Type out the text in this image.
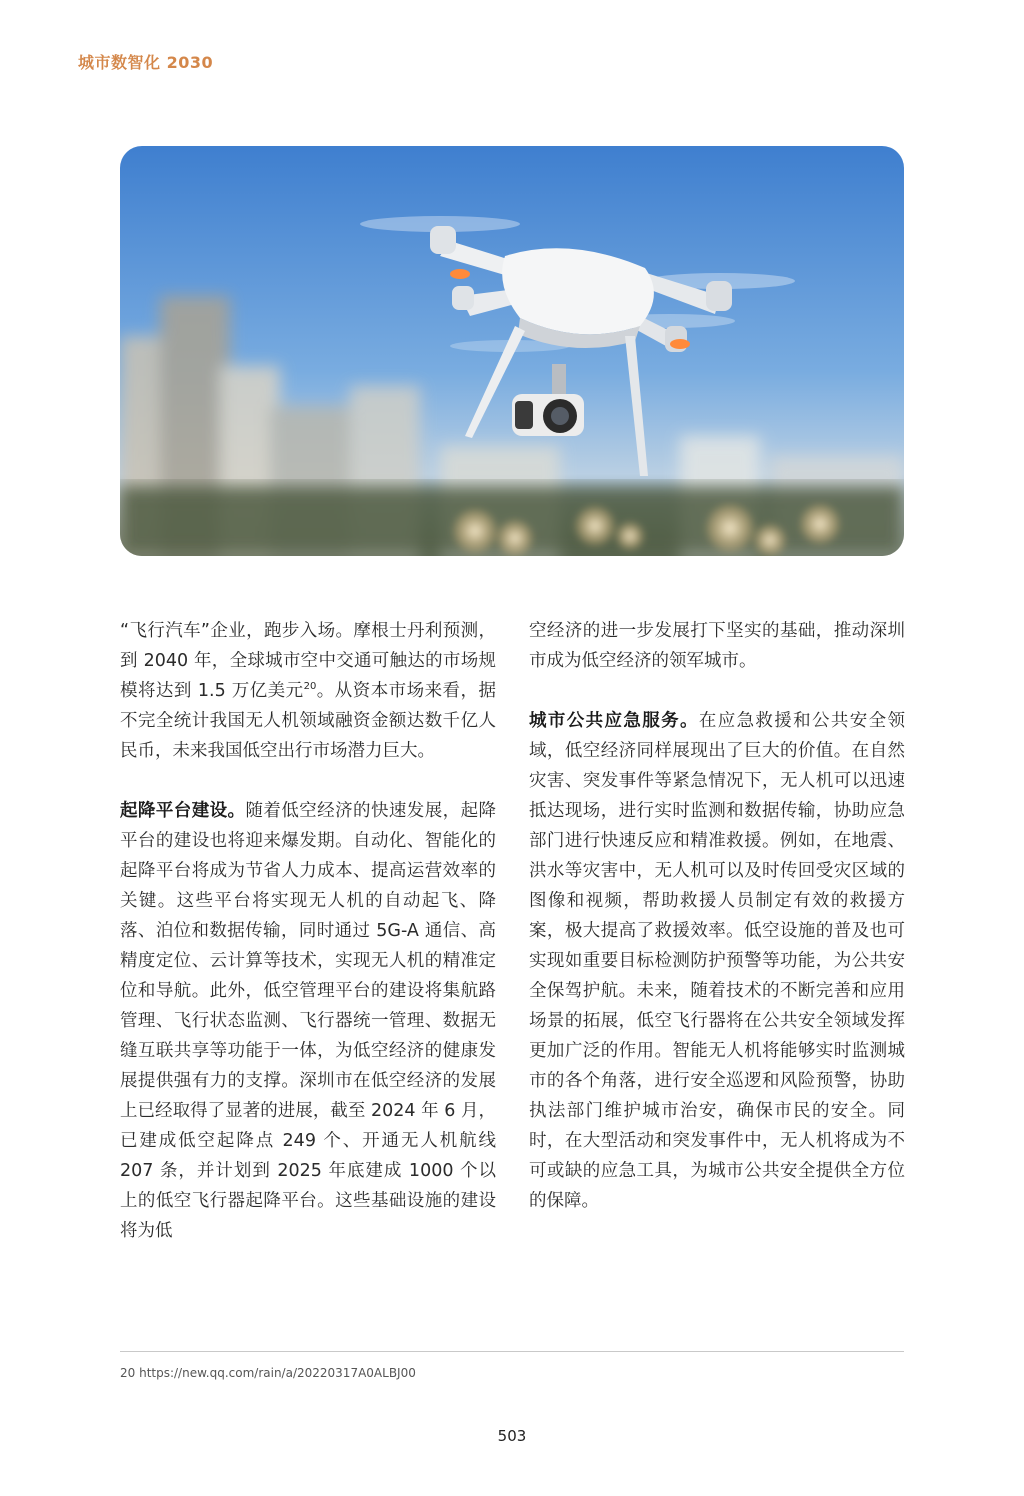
城市数智化 2030

“飞行汽车”企业，跑步入场。摩根士丹利预测，到 2040 年，全球城市空中交通可触达的市场规模将达到 1.5 万亿美元$^{20}$。从资本市场来看，据不完全统计我国无人机领域融资金额达数千亿人民币，未来我国低空出行市场潜力巨大。

起降平台建设。随着低空经济的快速发展，起降平台的建设也将迎来爆发期。自动化、智能化的起降平台将成为节省人力成本、提高运营效率的关键。这些平台将实现无人机的自动起飞、降落、泊位和数据传输，同时通过 5G-A 通信、高精度定位、云计算等技术，实现无人机的精准定位和导航。此外，低空管理平台的建设将集航路管理、飞行状态监测、飞行器统一管理、数据无缝互联共享等功能于一体，为低空经济的健康发展提供强有力的支撑。深圳市在低空经济的发展上已经取得了显著的进展，截至 2024 年 6 月，已建成低空起降点 249 个、开通无人机航线 207 条，并计划到 2025 年底建成 1000 个以上的低空飞行器起降平台。这些基础设施的建设将为低

空经济的进一步发展打下坚实的基础，推动深圳市成为低空经济的领军城市。

城市公共应急服务。在应急救援和公共安全领域，低空经济同样展现出了巨大的价值。在自然灾害、突发事件等紧急情况下，无人机可以迅速抵达现场，进行实时监测和数据传输，协助应急部门进行快速反应和精准救援。例如，在地震、洪水等灾害中，无人机可以及时传回受灾区域的图像和视频，帮助救援人员制定有效的救援方案，极大提高了救援效率。低空设施的普及也可实现如重要目标检测防护预警等功能，为公共安全保驾护航。未来，随着技术的不断完善和应用场景的拓展，低空飞行器将在公共安全领域发挥更加广泛的作用。智能无人机将能够实时监测城市的各个角落，进行安全巡逻和风险预警，协助执法部门维护城市治安，确保市民的安全。同时，在大型活动和突发事件中，无人机将成为不可或缺的应急工具，为城市公共安全提供全方位的保障。

20 https://new.qq.com/rain/a/20220317A0ALBJ00
503
